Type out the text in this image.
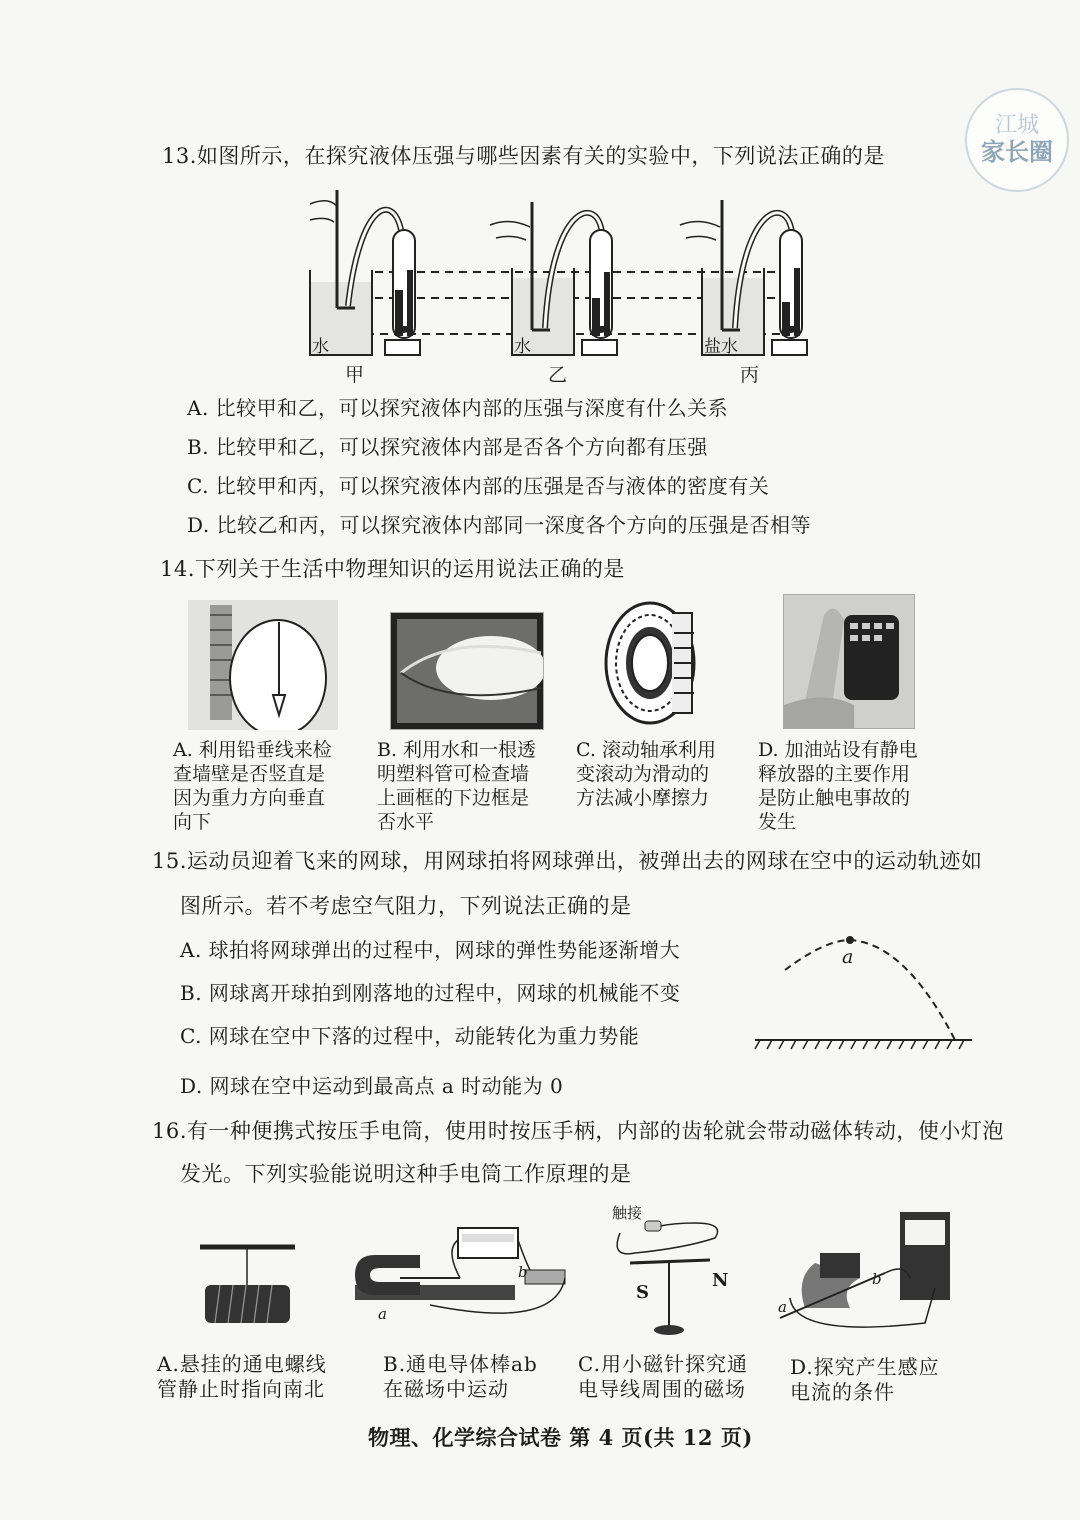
江城
家长圈
13.如图所示，在探究液体压强与哪些因素有关的实验中，下列说法正确的是
水	水	盐水
甲	乙	丙
A. 比较甲和乙，可以探究液体内部的压强与深度有什么关系
B. 比较甲和乙，可以探究液体内部是否各个方向都有压强
C. 比较甲和丙，可以探究液体内部的压强是否与液体的密度有关
D. 比较乙和丙，可以探究液体内部同一深度各个方向的压强是否相等
14.下列关于生活中物理知识的运用说法正确的是
A. 利用铅垂线来检
查墙壁是否竖直是
因为重力方向垂直
向下
B. 利用水和一根透
明塑料管可检查墙
上画框的下边框是
否水平
C. 滚动轴承利用
变滚动为滑动的
方法减小摩擦力
D. 加油站设有静电
释放器的主要作用
是防止触电事故的
发生
15.运动员迎着飞来的网球，用网球拍将网球弹出，被弹出去的网球在空中的运动轨迹如
图所示。若不考虑空气阻力，下列说法正确的是
A. 球拍将网球弹出的过程中，网球的弹性势能逐渐增大
B. 网球离开球拍到刚落地的过程中，网球的机械能不变
C. 网球在空中下落的过程中，动能转化为重力势能
D. 网球在空中运动到最高点 a 时动能为 0
a
16.有一种便携式按压手电筒，使用时按压手柄，内部的齿轮就会带动磁体转动，使小灯泡
发光。下列实验能说明这种手电筒工作原理的是
触接
S
N
b
a
b
a
A.悬挂的通电螺线
管静止时指向南北
B.通电导体棒ab
在磁场中运动
C.用小磁针探究通
电导线周围的磁场
D.探究产生感应
电流的条件
物理、化学综合试卷 第 4 页(共 12 页)
